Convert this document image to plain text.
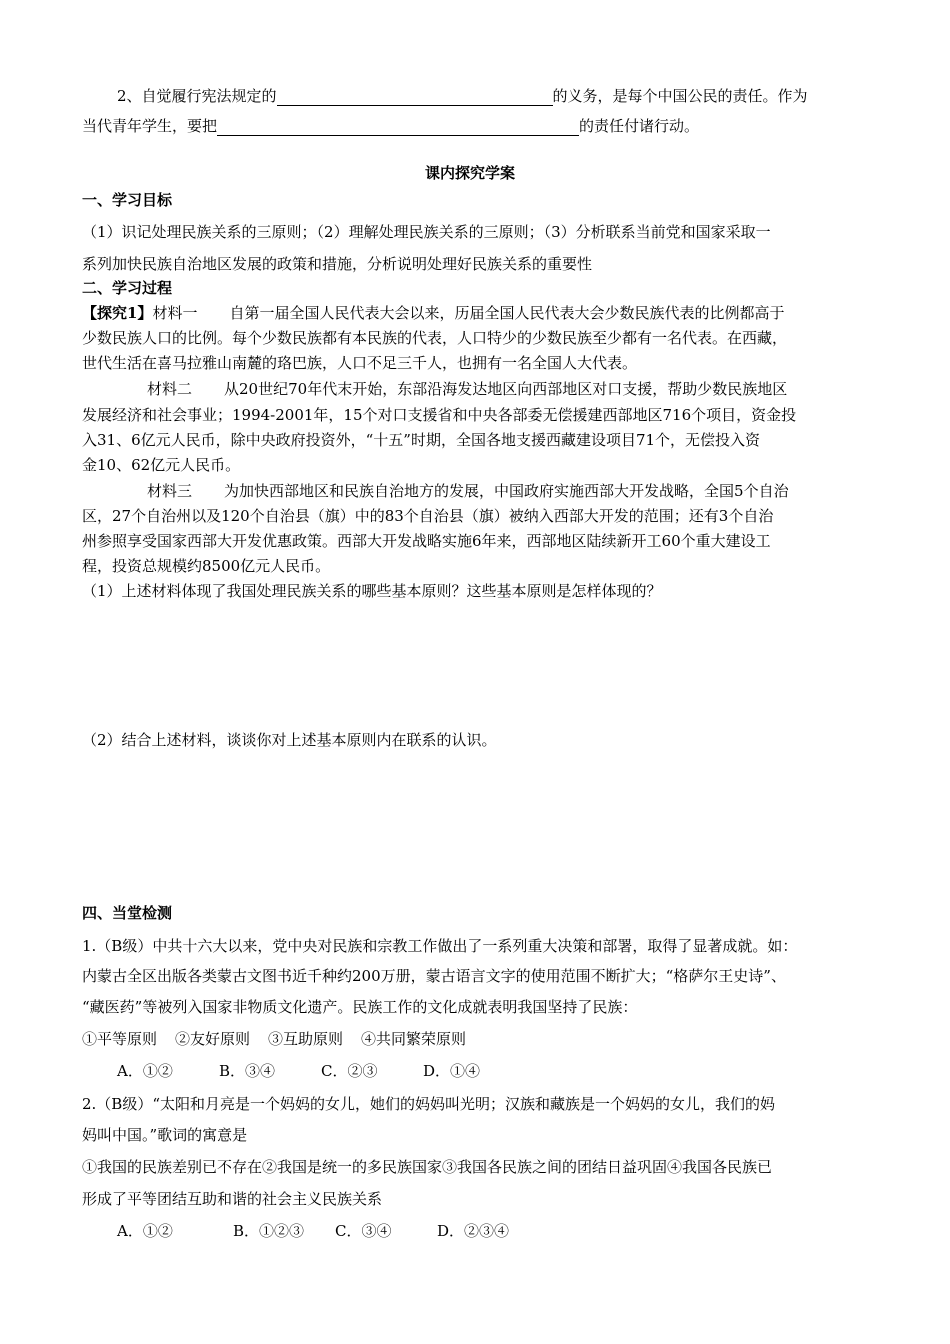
2、自觉履行宪法规定的	的义务，是每个中国公民的责任。作为
当代青年学生，要把	的责任付诸行动。
课内探究学案
一、学习目标
（1）识记处理民族关系的三原则；（2）理解处理民族关系的三原则；（3）分析联系当前党和国家采取一
系列加快民族自治地区发展的政策和措施，分析说明处理好民族关系的重要性
二、学习过程
【探究1】材料一 自第一届全国人民代表大会以来，历届全国人民代表大会少数民族代表的比例都高于
少数民族人口的比例。每个少数民族都有本民族的代表，人口特少的少数民族至少都有一名代表。在西藏，
世代生活在喜马拉雅山南麓的珞巴族，人口不足三千人，也拥有一名全国人大代表。
材料二 从20世纪70年代末开始，东部沿海发达地区向西部地区对口支援，帮助少数民族地区
发展经济和社会事业；1994-2001年，15个对口支援省和中央各部委无偿援建西部地区716个项目，资金投
入31、6亿元人民币，除中央政府投资外，“十五”时期，全国各地支援西藏建设项目71个，无偿投入资
金10、62亿元人民币。
材料三 为加快西部地区和民族自治地方的发展，中国政府实施西部大开发战略，全国5个自治
区，27个自治州以及120个自治县（旗）中的83个自治县（旗）被纳入西部大开发的范围；还有3个自治
州参照享受国家西部大开发优惠政策。西部大开发战略实施6年来，西部地区陆续新开工60个重大建设工
程，投资总规模约8500亿元人民币。
（1）上述材料体现了我国处理民族关系的哪些基本原则？这些基本原则是怎样体现的？
（2）结合上述材料，谈谈你对上述基本原则内在联系的认识。
四、当堂检测
1.（B级）中共十六大以来，党中央对民族和宗教工作做出了一系列重大决策和部署，取得了显著成就。如：
内蒙古全区出版各类蒙古文图书近千种约200万册，蒙古语言文字的使用范围不断扩大；“格萨尔王史诗”、
“藏医药”等被列入国家非物质文化遗产。民族工作的文化成就表明我国坚持了民族：
①平等原则 ②友好原则 ③互助原则 ④共同繁荣原则
A．①②	B．③④	C．②③	D．①④
2.（B级）“太阳和月亮是一个妈妈的女儿，她们的妈妈叫光明；汉族和藏族是一个妈妈的女儿，我们的妈
妈叫中国。”歌词的寓意是
①我国的民族差别已不存在②我国是统一的多民族国家③我国各民族之间的团结日益巩固④我国各民族已
形成了平等团结互助和谐的社会主义民族关系
A．①②	B．①②③ C．③④	D．②③④
